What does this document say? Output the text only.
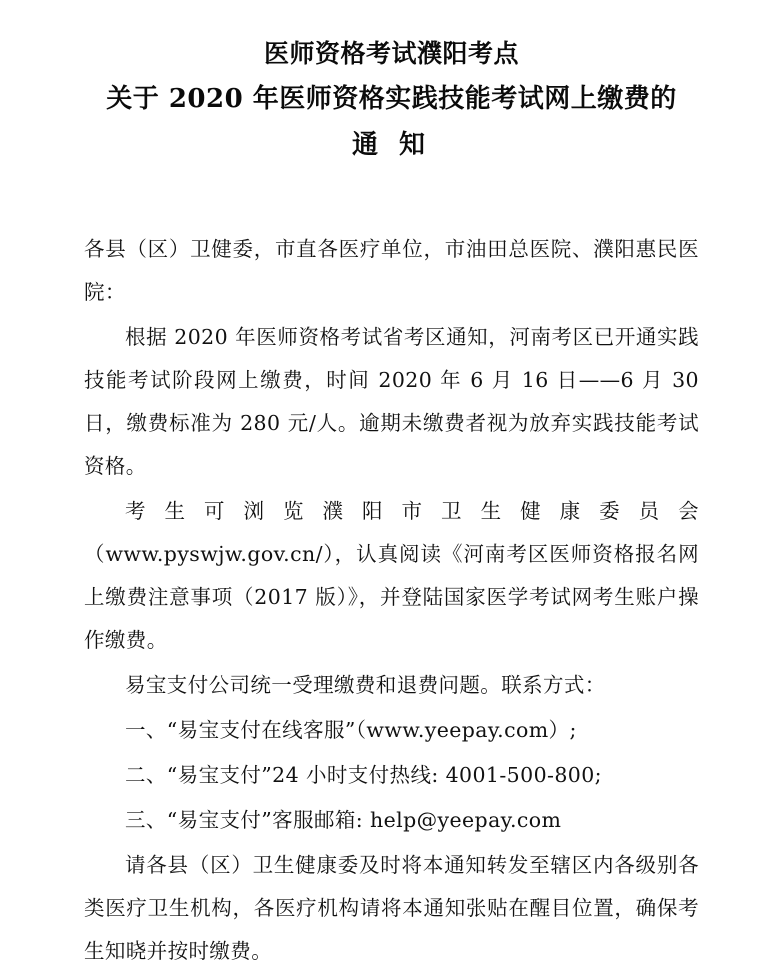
医师资格考试濮阳考点
关于 2020 年医师资格实践技能考试网上缴费的
通 知

各县（区）卫健委，市直各医疗单位，市油田总医院、濮阳惠民医院：

根据 2020 年医师资格考试省考区通知，河南考区已开通实践技能考试阶段网上缴费，时间 2020 年 6 月 16 日——6 月 30 日，缴费标准为 280 元/人。逾期未缴费者视为放弃实践技能考试资格。

考生可浏览濮阳市卫生健康委员会（www.pyswjw.gov.cn/），认真阅读《河南考区医师资格报名网上缴费注意事项（2017 版）》，并登陆国家医学考试网考生账户操作缴费。

易宝支付公司统一受理缴费和退费问题。联系方式：

一、“易宝支付在线客服”（www.yeepay.com）;

二、“易宝支付”24 小时支付热线: 4001-500-800;

三、“易宝支付”客服邮箱: help@yeepay.com

请各县（区）卫生健康委及时将本通知转发至辖区内各级别各类医疗卫生机构，各医疗机构请将本通知张贴在醒目位置，确保考生知晓并按时缴费。
